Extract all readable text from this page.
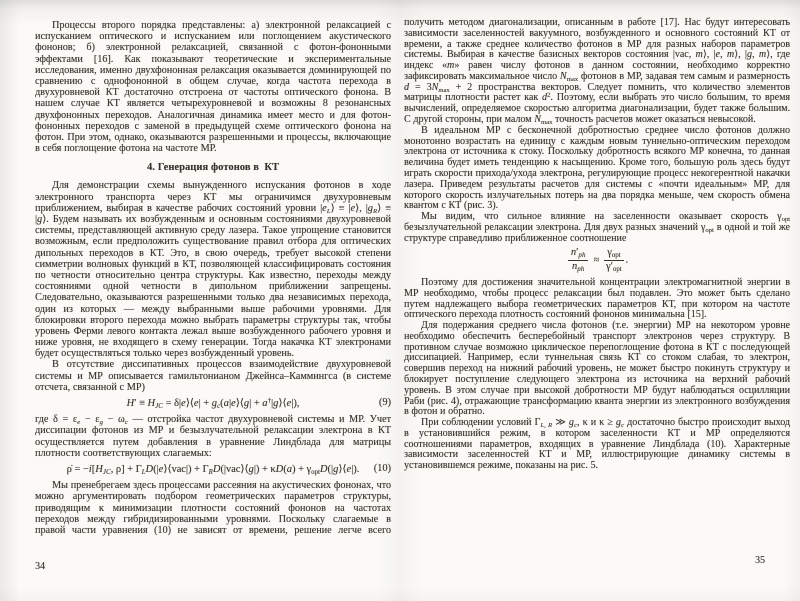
Процессы второго порядка представлены: а) электронной релаксацией с испусканием оптического и испусканием или поглощением акустического фононов; б) электронной релаксацией, связанной с фотон-фононными эффектами [16]. Как показывают теоретические и экспериментальные исследования, именно двухфононная релаксация оказывается доминирующей по сравнению с однофононной в общем случае, когда частота перехода в двухуровневой КТ достаточно отстроена от частоты оптического фонона. В нашем случае КТ является четырехуровневой и возможны 8 резонансных двухфононных переходов. Аналогичная динамика имеет место и для фотон-фононных переходов с заменой в предыдущей схеме оптического фонона на фотон. При этом, однако, оказываются разрешенными и процессы, включающие в себя поглощение фотона на частоте МР.

4. Генерация фотонов в  КТ

Для демонстрации схемы вынужденного испускания фотонов в ходе электронного транспорта через КТ мы ограничимся двухуровневым приближением, выбирая в качестве рабочих состояний уровни $|e_L⟩$ ≡ |e⟩, $|g_R⟩$ ≡ |g⟩. Будем называть их возбужденным и основным состояниями двухуровневой системы, представляющей активную среду лазера. Такое упрощение становится возможным, если предположить существование правил отбора для оптических дипольных переходов в КТ. Это, в свою очередь, требует высокой степени симметрии волновых функций в КТ, позволяющей классифицировать состояния по четности относительно центра структуры. Как известно, переходы между состояниями одной четности в дипольном приближении запрещены. Следовательно, оказываются разрешенными только два независимых перехода, один из которых — между выбранными выше рабочими уровнями. Для блокировки второго перехода можно выбрать параметры структуры так, чтобы уровень Ферми левого контакта лежал выше возбужденного рабочего уровня и ниже уровня, не входящего в схему генерации. Тогда накачка КТ электронами будет осуществляться только через возбужденный уровень.

В отсутствие диссипативных процессов взаимодействие двухуровневой системы и МР описывается гамильтонианом Джейнса–Каммингса (в системе отсчета, связанной с МР)

$H' \equiv H_{JC}$ = δ|e⟩⟨e| + $g_c(a|e⟩⟨g|$ + a†|g⟩⟨e|),	(9)

где $\delta = \varepsilon_e - \varepsilon_g - \omega_c$ — отстройка частот двухуровневой системы и МР. Учет диссипации фотонов из МР и безызлучательной релаксации электрона в КТ осуществляется путем добавления в уравнение Линдблада для матрицы плотности соответствующих слагаемых:

ρ̇ = $-i[H_{JC}$, $\rho] + \Gamma_LD(|e⟩⟨vac|)$ + $\Gamma_RD(|vac⟩⟨g|) + \kappa D(a)$ + $\gamma_{opt}D(|g⟩⟨e|)$. (10)

Мы пренебрегаем здесь процессами рассеяния на акустических фононах, что можно аргументировать подбором геометрических параметров структуры, приводящим к минимизации плотности состояний фононов на частотах переходов между гибридизированными уровнями. Поскольку слагаемые в правой части уравнения (10) не зависят от времени, решение легче всего

34

получить методом диагонализации, описанным в работе [17]. Нас будут интересовать зависимости заселенностей вакуумного, возбужденного и основного состояний КТ от времени, а также среднее количество фотонов в МР для разных наборов параметров системы. Выбирая в качестве базисных векторов состояния |vac, m⟩, |e, m⟩, |g, m⟩, где индекс «m» равен числу фотонов в данном состоянии, необходимо корректно зафиксировать максимальное число $N_{max}$ фотонов в МР, задавая тем самым и размерность $d = 3N_{max} + 2$ пространства векторов. Следует помнить, что количество элементов матрицы плотности растет как $d^2$. Поэтому, если выбрать это число большим, то время вычислений, определяемое скоростью алгоритма диагонализации, будет также большим. С другой стороны, при малом $N_{max}$ точность расчетов может оказаться невысокой.

В идеальном МР с бесконечной добротностью среднее число фотонов должно монотонно возрастать на единицу с каждым новым туннельно-оптическим переходом электрона от источника к стоку. Поскольку добротность всякого МР конечна, то данная величина будет иметь тенденцию к насыщению. Кроме того, большую роль здесь будут играть скорости прихода/ухода электрона, регулирующие процесс некогерентной накачки лазера. Приведем результаты расчетов для системы с «почти идеальным» МР, для которого скорость излучательных потерь на два порядка меньше, чем скорость обмена квантом с КТ (рис. 3).

Мы видим, что сильное влияние на заселенности оказывает скорость $\gamma_{opt}$ безызлучательной релаксации электрона. Для двух разных значений $\gamma_{opt}$ в одной и той же структуре справедливо приближенное соотношение

$\frac{n'_{ph}}{n_{ph}} \approx \frac{\gamma_{opt}}{\gamma'_{opt}}$ .

Поэтому для достижения значительной концентрации электромагнитной энергии в МР необходимо, чтобы процесс релаксации был подавлен. Это может быть сделано путем надлежащего выбора геометрических параметров КТ, при котором на частоте оптического перехода плотность состояний фононов минимальна [15].

Для подержания среднего числа фотонов (т.е. энергии) МР на некотором уровне необходимо обеспечить бесперебойный транспорт электронов через структуру. В противном случае возможно циклическое перепоглощение фотона в КТ с последующей диссипацией. Например, если туннельная связь КТ со стоком слабая, то электрон, совершив переход на нижний рабочий уровень, не может быстро покинуть структуру и блокирует поступление следующего электрона из источника на верхний рабочий уровень. В этом случае при высокой добротности МР будут наблюдаться осцилляции Раби (рис. 4), отражающие трансформацию кванта энергии из электронного возбуждения в фотон и обратно.

При соблюдении условий $\Gamma_{L, R}$ ≫ $g_c$, κ и $\kappa \ge g_c$ достаточно быстро происходит выход в установившийся режим, в котором заселенности КТ и МР определяются соотношениями параметров, входящих в уравнение Линдблада (10). Характерные зависимости заселенностей КТ и МР, иллюстрирующие динамику системы в установившемся режиме, показаны на рис. 5.

35
